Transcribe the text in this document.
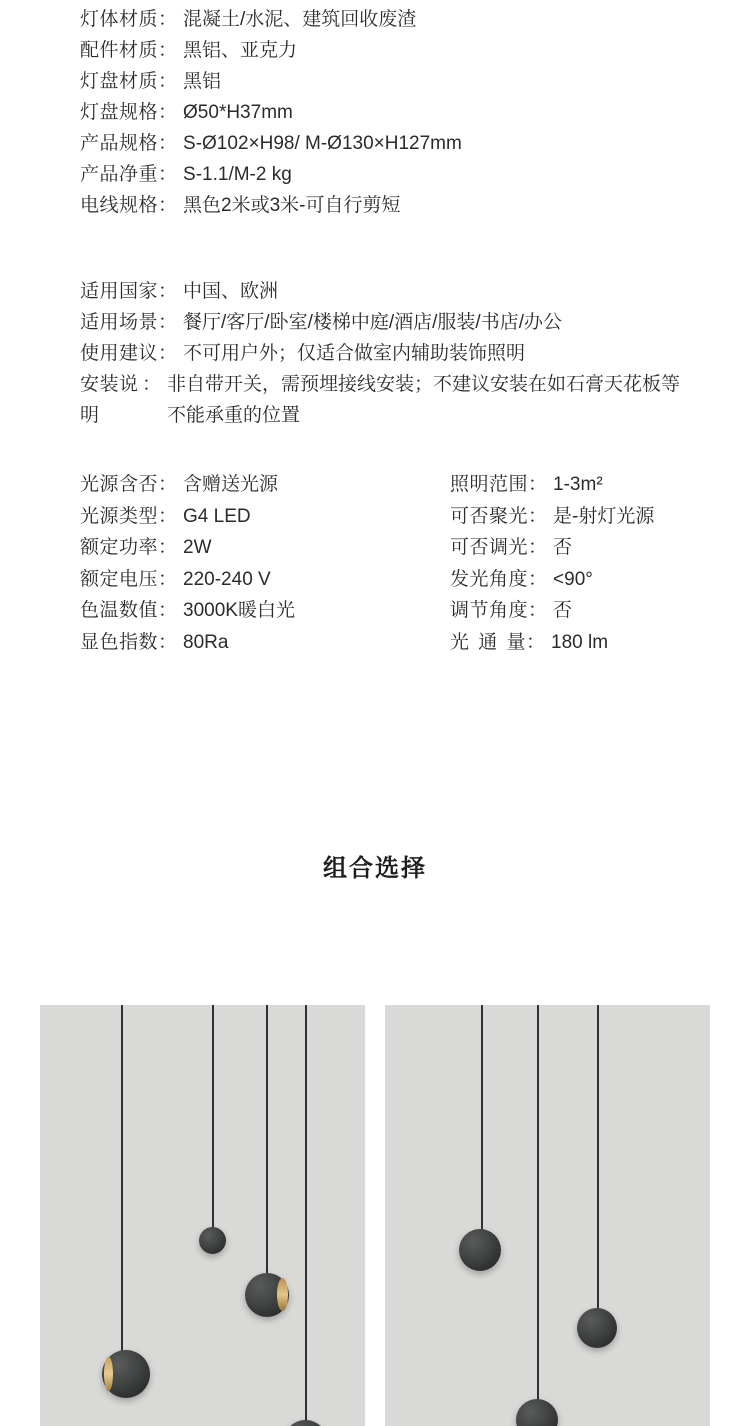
灯体材质 ： 混凝土/水泥、建筑回收废渣
配件材质 ： 黑铝、亚克力
灯盘材质 ： 黑铝
灯盘规格 ： Ø50*H37mm
产品规格 ： S-Ø102×H98/ M-Ø130×H127mm
产品净重 ： S-1.1/M-2 kg
电线规格 ： 黑色2米或3米-可自行剪短
适用国家 ： 中国、欧洲
适用场景 ： 餐厅/客厅/卧室/楼梯中庭/酒店/服装/书店/办公
使用建议 ： 不可用户外；仅适合做室内辅助装饰照明
安装说明
： 非自带开关，需预埋接线安装；不建议安装在如石膏天花板等不能承重的位置
光源含否 ： 含赠送光源
光源类型 ： G4 LED
额定功率 ： 2W
额定电压 ： 220-240 V
色温数值 ： 3000K暖白光
显色指数 ： 80Ra
照明范围 ： 1-3m²
可否聚光 ： 是-射灯光源
可否调光 ： 否
发光角度 ： <90°
调节角度 ： 否
光 通 量 ： 180 lm
组合选择
